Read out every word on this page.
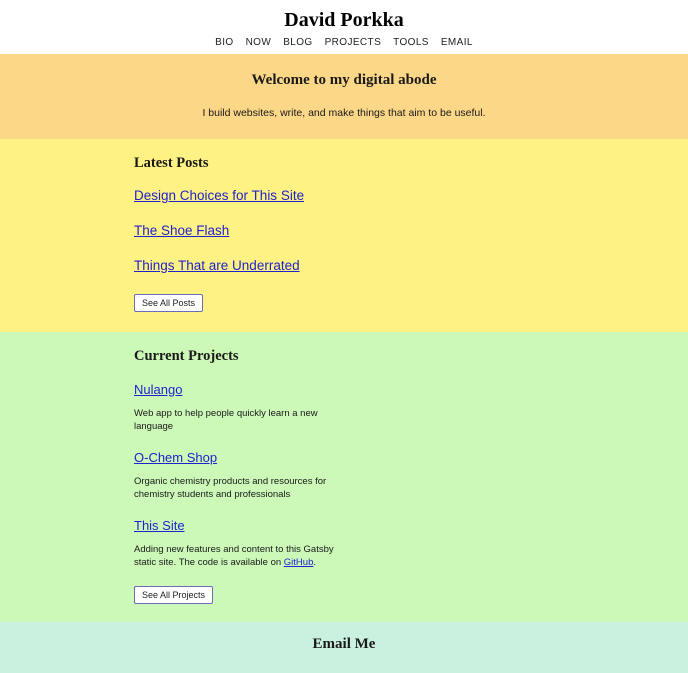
David Porkka
BIO NOW BLOG PROJECTS TOOLS EMAIL
Welcome to my digital abode

I build websites, write, and make things that aim to be useful.

Latest Posts
Design Choices for This Site
The Shoe Flash
Things That are Underrated
See All Posts
Current Projects
Nulango

Web app to help people quickly learn a new language

O-Chem Shop

Organic chemistry products and resources for chemistry students and professionals

This Site

Adding new features and content to this Gatsby static site. The code is available on GitHub.

See All Projects
Email Me
